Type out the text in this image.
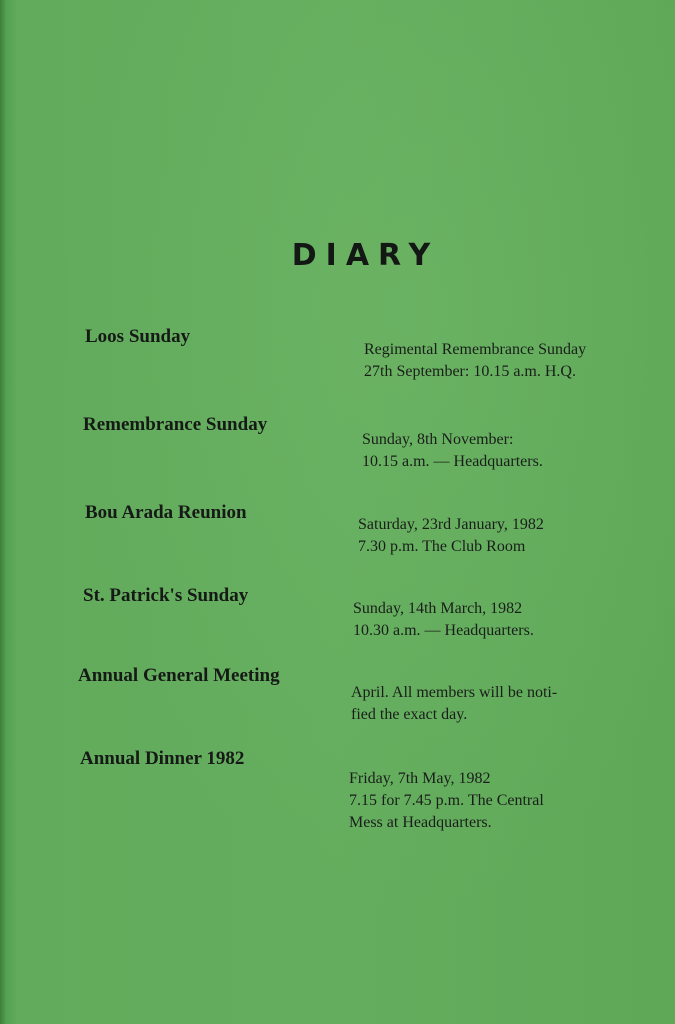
DIARY
Loos Sunday
Regimental Remembrance Sunday
27th September: 10.15 a.m. H.Q.
Remembrance Sunday
Sunday, 8th November:
10.15 a.m. — Headquarters.
Bou Arada Reunion
Saturday, 23rd January, 1982
7.30 p.m. The Club Room
St. Patrick's Sunday
Sunday, 14th March, 1982
10.30 a.m. — Headquarters.
Annual General Meeting
April. All members will be noti-
fied the exact day.
Annual Dinner 1982
Friday, 7th May, 1982
7.15 for 7.45 p.m. The Central
Mess at Headquarters.
